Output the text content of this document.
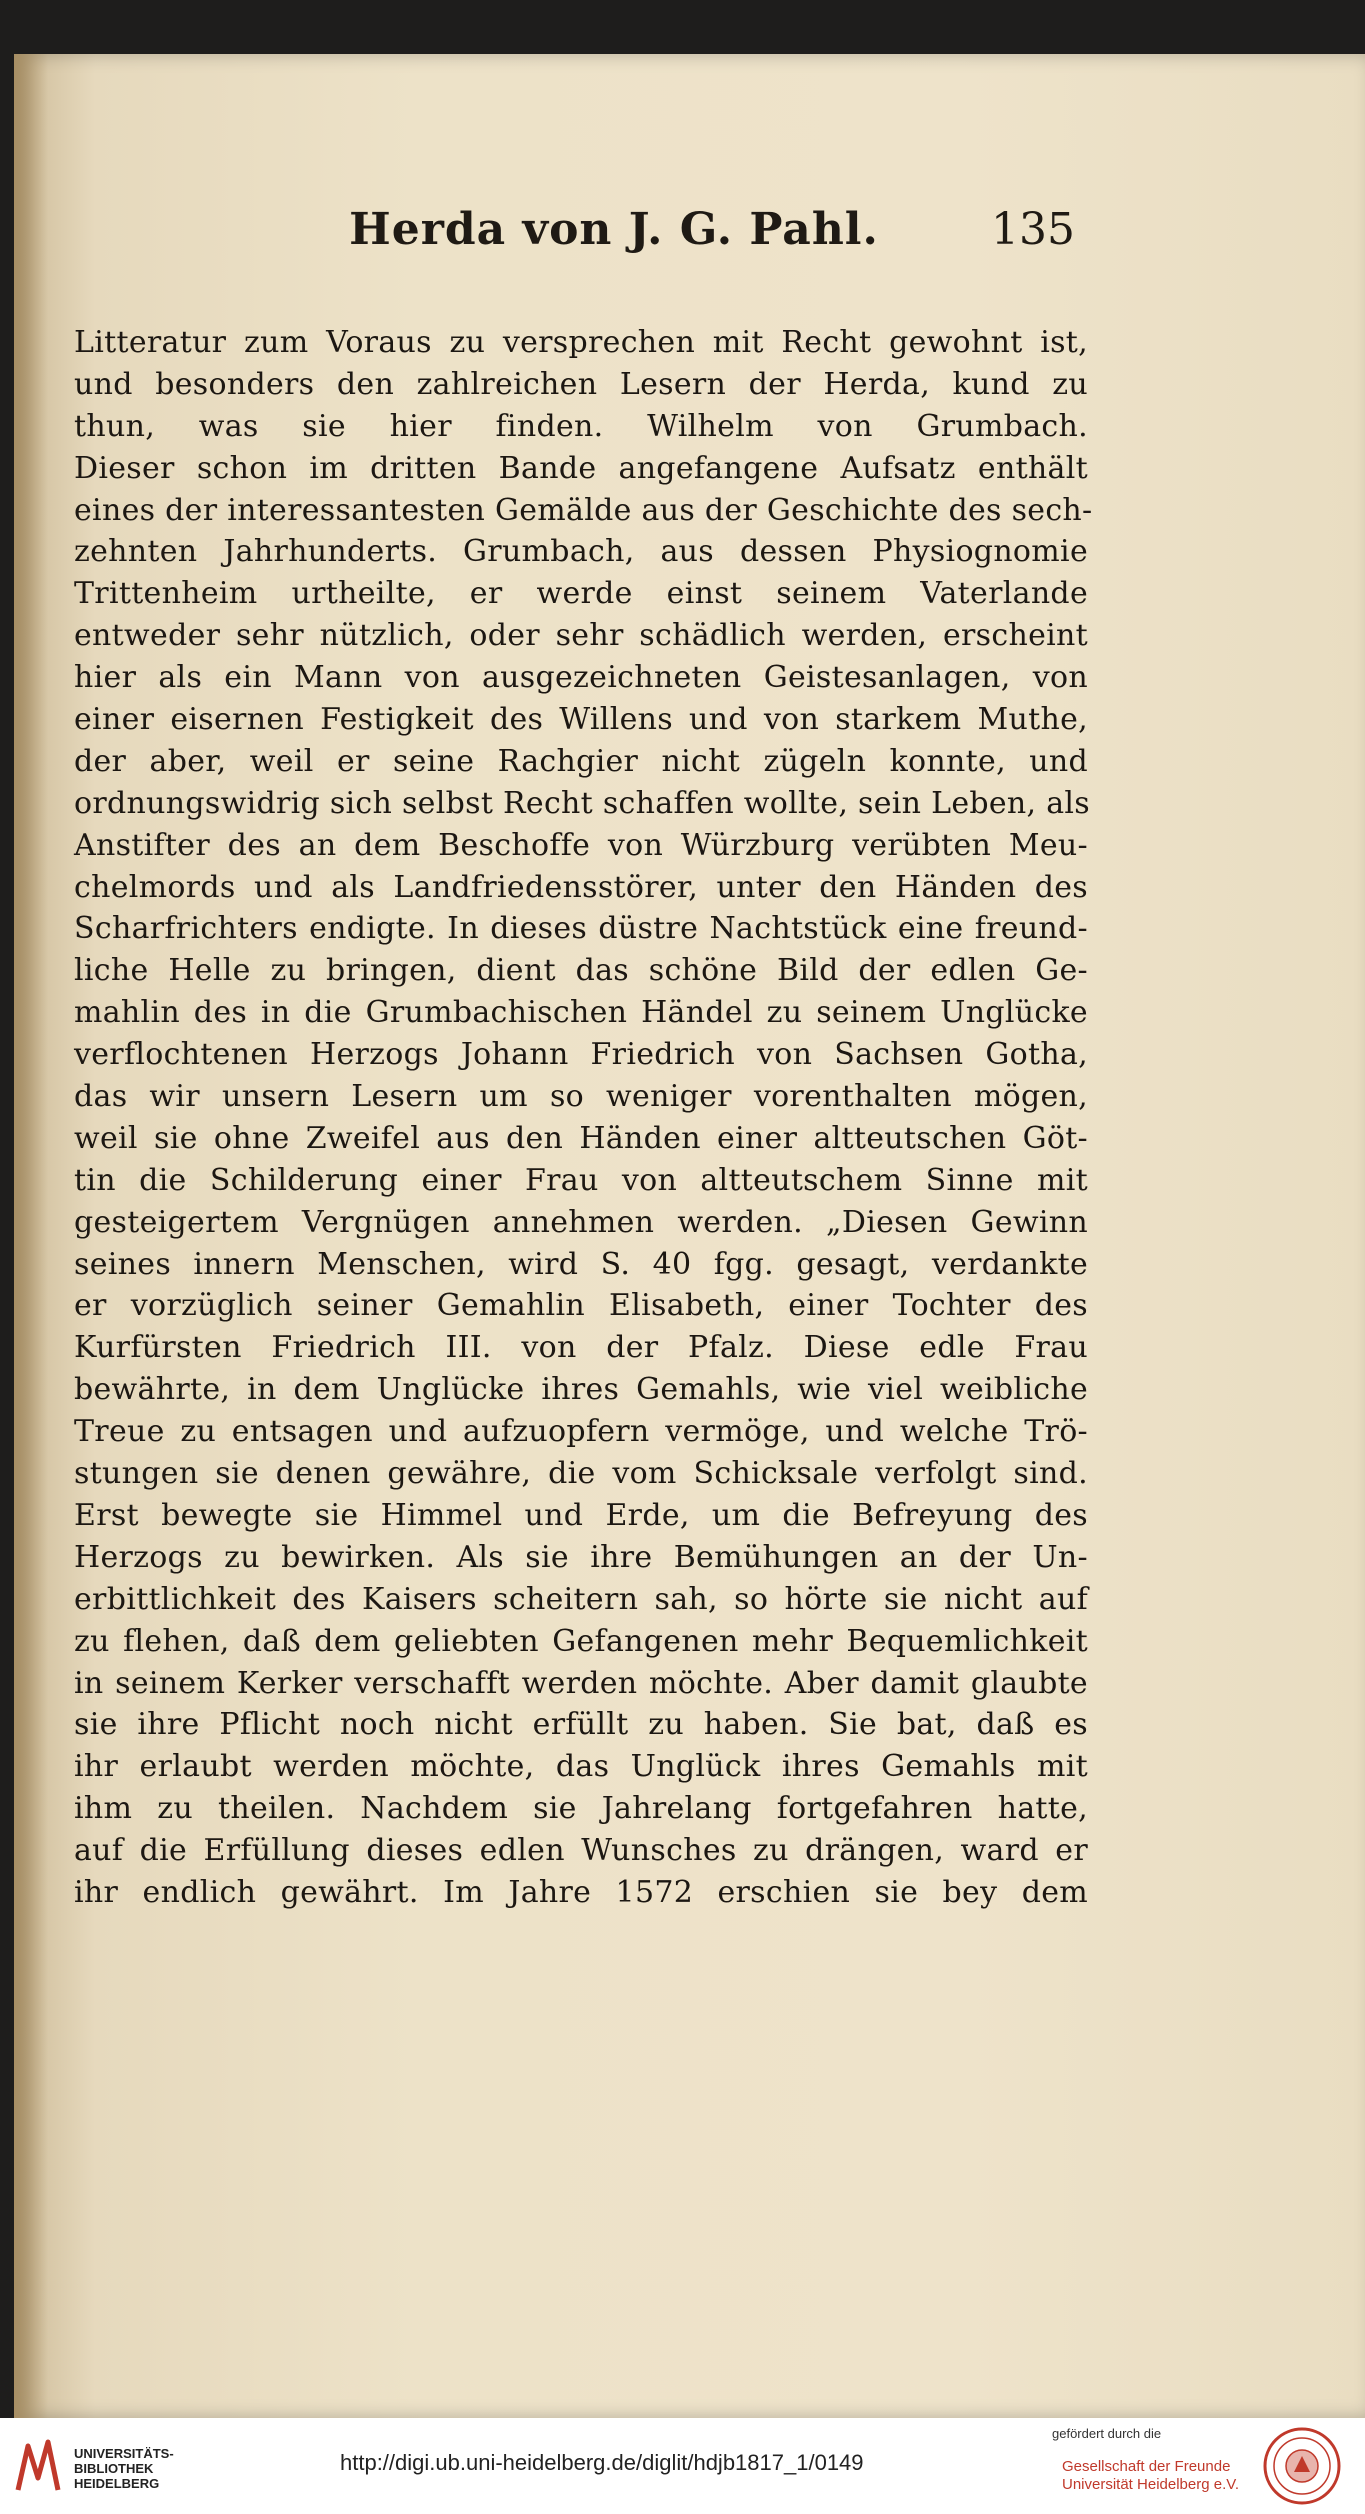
Herda von J. G. Pahl.	135
Litteratur zum Voraus zu versprechen mit Recht gewohnt ist,
und besonders den zahlreichen Lesern der Herda, kund zu
thun, was sie hier finden. Wilhelm von Grumbach.
Dieser schon im dritten Bande angefangene Aufsatz enthält
eines der interessantesten Gemälde aus der Geschichte des sech-
zehnten Jahrhunderts. Grumbach, aus dessen Physiognomie
Trittenheim urtheilte, er werde einst seinem Vaterlande
entweder sehr nützlich, oder sehr schädlich werden, erscheint
hier als ein Mann von ausgezeichneten Geistesanlagen, von
einer eisernen Festigkeit des Willens und von starkem Muthe,
der aber, weil er seine Rachgier nicht zügeln konnte, und
ordnungswidrig sich selbst Recht schaffen wollte, sein Leben, als
Anstifter des an dem Beschoffe von Würzburg verübten Meu-
chelmords und als Landfriedensstörer, unter den Händen des
Scharfrichters endigte. In dieses düstre Nachtstück eine freund-
liche Helle zu bringen, dient das schöne Bild der edlen Ge-
mahlin des in die Grumbachischen Händel zu seinem Unglücke
verflochtenen Herzogs Johann Friedrich von Sachsen Gotha,
das wir unsern Lesern um so weniger vorenthalten mögen,
weil sie ohne Zweifel aus den Händen einer altteutschen Göt-
tin die Schilderung einer Frau von altteutschem Sinne mit
gesteigertem Vergnügen annehmen werden. „Diesen Gewinn
seines innern Menschen, wird S. 40 fgg. gesagt, verdankte
er vorzüglich seiner Gemahlin Elisabeth, einer Tochter des
Kurfürsten Friedrich III. von der Pfalz. Diese edle Frau
bewährte, in dem Unglücke ihres Gemahls, wie viel weibliche
Treue zu entsagen und aufzuopfern vermöge, und welche Trö-
stungen sie denen gewähre, die vom Schicksale verfolgt sind.
Erst bewegte sie Himmel und Erde, um die Befreyung des
Herzogs zu bewirken. Als sie ihre Bemühungen an der Un-
erbittlichkeit des Kaisers scheitern sah, so hörte sie nicht auf
zu flehen, daß dem geliebten Gefangenen mehr Bequemlichkeit
in seinem Kerker verschafft werden möchte. Aber damit glaubte
sie ihre Pflicht noch nicht erfüllt zu haben. Sie bat, daß es
ihr erlaubt werden möchte, das Unglück ihres Gemahls mit
ihm zu theilen. Nachdem sie Jahrelang fortgefahren hatte,
auf die Erfüllung dieses edlen Wunsches zu drängen, ward er
ihr endlich gewährt. Im Jahre 1572 erschien sie bey dem
UNIVERSITÄTS-
BIBLIOTHEK
HEIDELBERG
http://digi.ub.uni-heidelberg.de/diglit/hdjb1817_1/0149
gefördert durch die
Gesellschaft der Freunde
Universität Heidelberg e.V.
